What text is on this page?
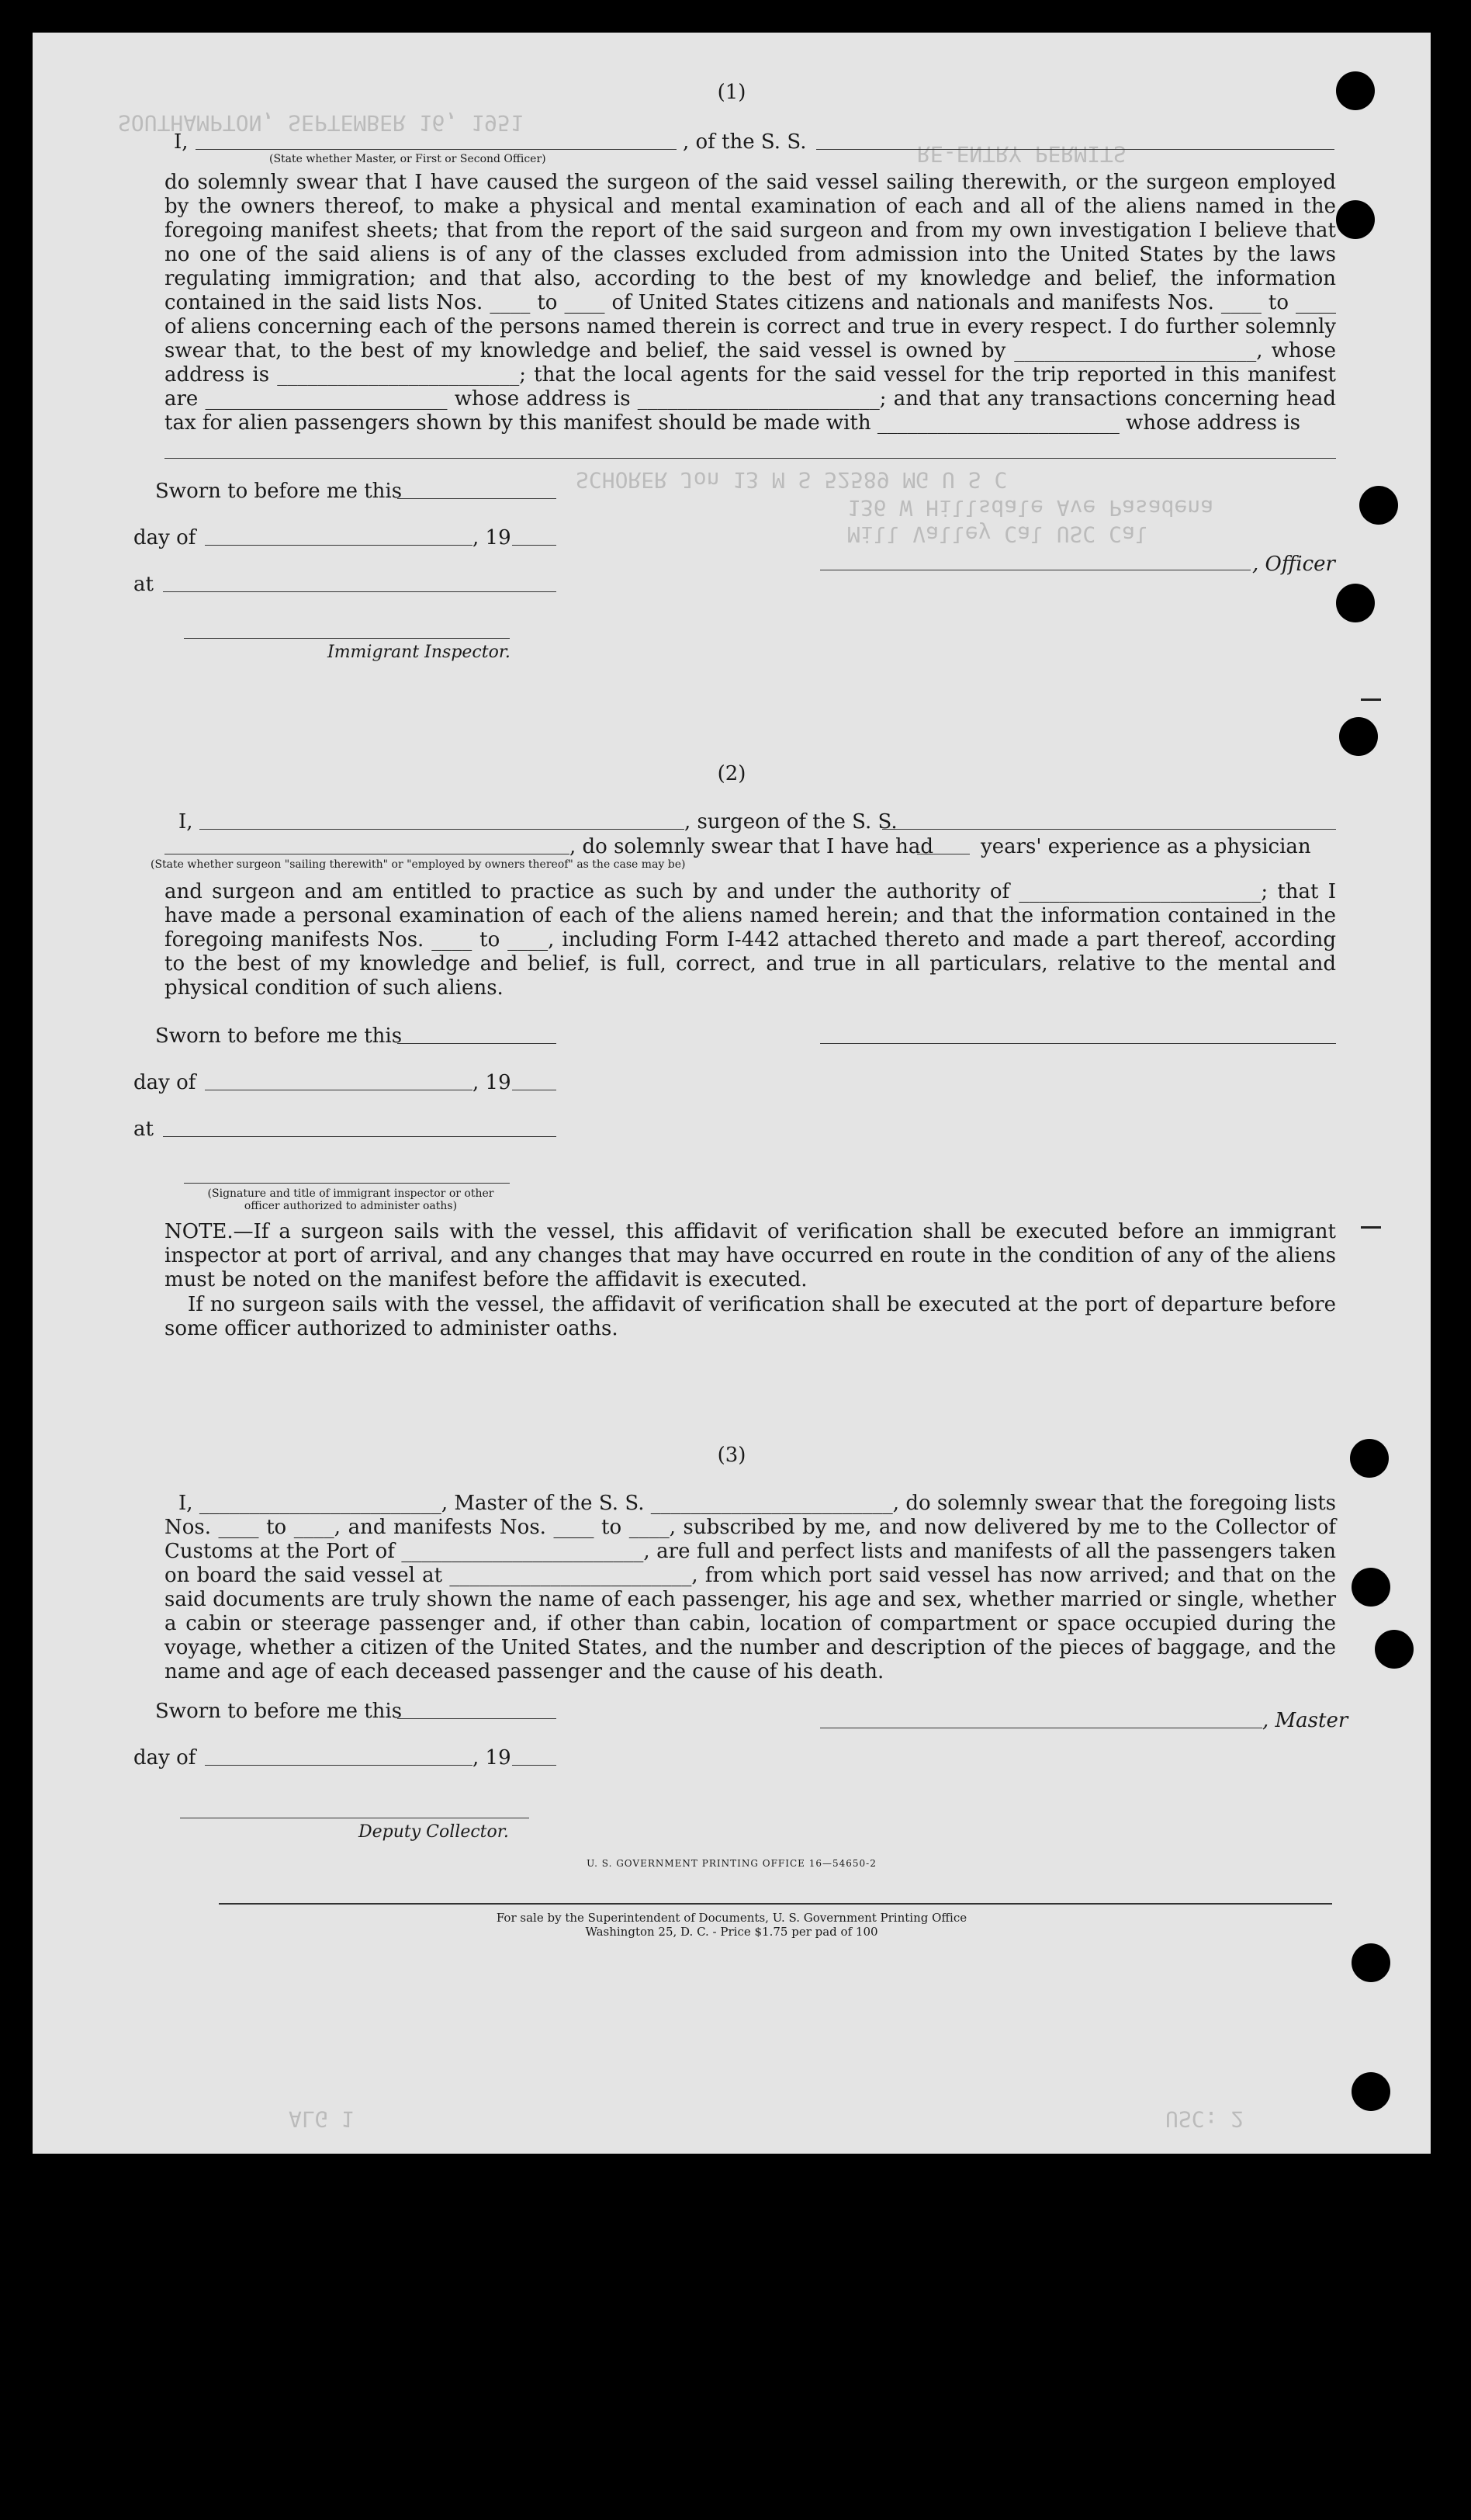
SOUTHAMPTON, SEPTEMBER 16, 1951
RE-ENTRY PERMITS
SCHORER Jon 13 M S 52589 MG U S C
136 W Hillsdale Ave Pasadena
Mill Valley Cal USC Cal
ALG 1	USC: 2
(1)
I,	, of the S. S.
(State whether Master, or First or Second Officer)
do solemnly swear that I have caused the surgeon of the said vessel sailing therewith, or the surgeon employed by the owners thereof, to make a physical and mental examination of each and all of the aliens named in the foregoing manifest sheets; that from the report of the said surgeon and from my own investigation I believe that no one of the said aliens is of any of the classes excluded from admission into the United States by the laws regulating immigration; and that also, according to the best of my knowledge and belief, the information contained in the said lists Nos. ____ to ____ of United States citizens and nationals and manifests Nos. ____ to ____ of aliens concerning each of the persons named therein is correct and true in every respect. I do further solemnly swear that, to the best of my knowledge and belief, the said vessel is owned by ________________________, whose address is ________________________; that the local agents for the said vessel for the trip reported in this manifest are ________________________ whose address is ________________________; and that any transactions concerning head tax for alien passengers shown by this manifest should be made with ________________________ whose address is
Sworn to before me this
day of	, 19
at
, Officer
Immigrant Inspector.
(2)
I,	, surgeon of the S. S.
, do solemnly swear that I have had years' experience as a physician
(State whether surgeon "sailing therewith" or "employed by owners thereof" as the case may be)
and surgeon and am entitled to practice as such by and under the authority of ________________________; that I have made a personal examination of each of the aliens named herein; and that the information contained in the foregoing manifests Nos. ____ to ____, including Form I-442 attached thereto and made a part thereof, according to the best of my knowledge and belief, is full, correct, and true in all particulars, relative to the mental and physical condition of such aliens.
Sworn to before me this
day of	, 19
at
(Signature and title of immigrant inspector or other officer authorized to administer oaths)
NOTE.—If a surgeon sails with the vessel, this affidavit of verification shall be executed before an immigrant inspector at port of arrival, and any changes that may have occurred en route in the condition of any of the aliens must be noted on the manifest before the affidavit is executed.
If no surgeon sails with the vessel, the affidavit of verification shall be executed at the port of departure before some officer authorized to administer oaths.
(3)
I, ________________________, Master of the S. S. ________________________, do solemnly swear that the foregoing lists Nos. ____ to ____, and manifests Nos. ____ to ____, subscribed by me, and now delivered by me to the Collector of Customs at the Port of ________________________, are full and perfect lists and manifests of all the passengers taken on board the said vessel at ________________________, from which port said vessel has now arrived; and that on the said documents are truly shown the name of each passenger, his age and sex, whether married or single, whether a cabin or steerage passenger and, if other than cabin, location of compartment or space occupied during the voyage, whether a citizen of the United States, and the number and description of the pieces of baggage, and the name and age of each deceased passenger and the cause of his death.
Sworn to before me this	, Master
day of	, 19
Deputy Collector.
U. S. GOVERNMENT PRINTING OFFICE 16—54650-2
For sale by the Superintendent of Documents, U. S. Government Printing Office
Washington 25, D. C. - Price $1.75 per pad of 100
